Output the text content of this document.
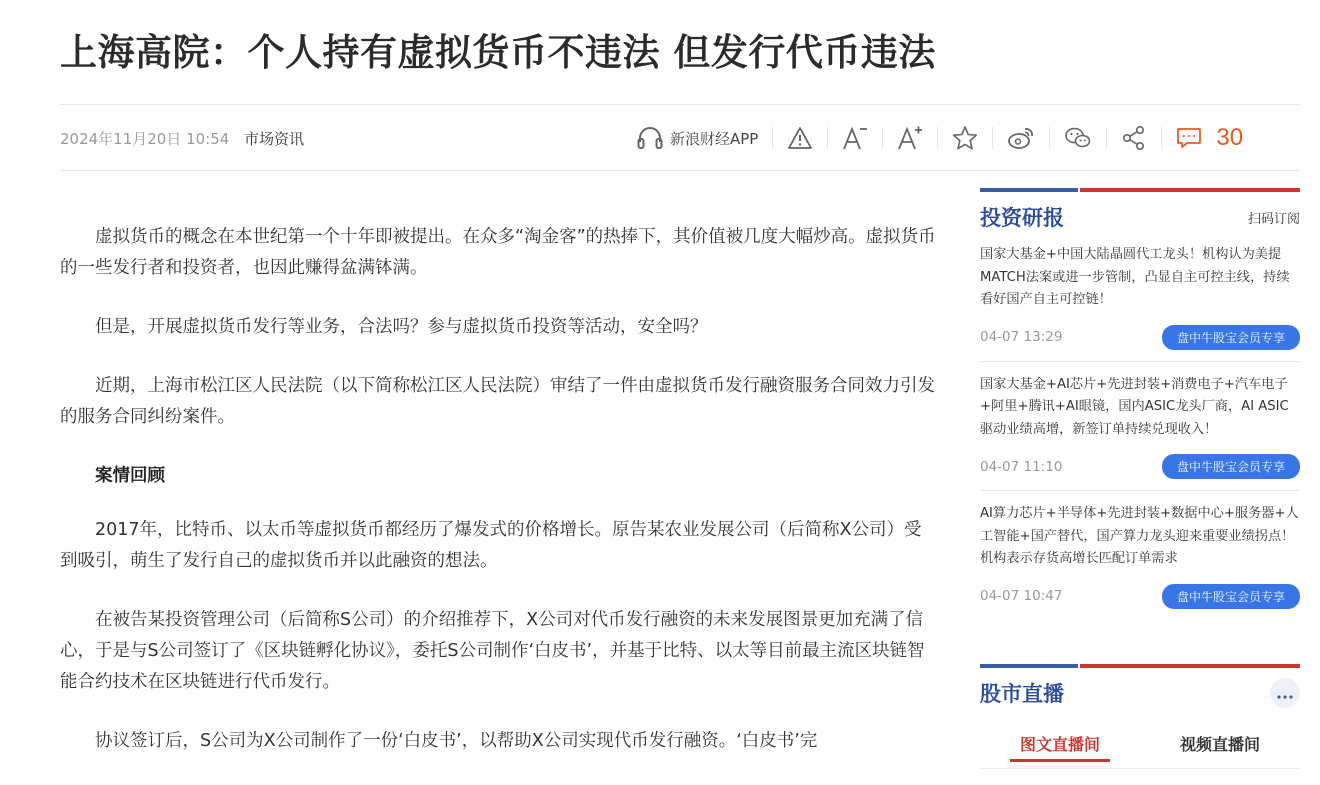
上海高院：个人持有虚拟货币不违法 但发行代币违法
2024年11月20日 10:54 市场资讯	新浪财经APP	30

虚拟货币的概念在本世纪第一个十年即被提出。在众多“淘金客”的热捧下，其价值被几度大幅炒高。虚拟货币的一些发行者和投资者，也因此赚得盆满钵满。

但是，开展虚拟货币发行等业务，合法吗？参与虚拟货币投资等活动，安全吗？

近期，上海市松江区人民法院（以下简称松江区人民法院）审结了一件由虚拟货币发行融资服务合同效力引发的服务合同纠纷案件。

案情回顾

2017年，比特币、以太币等虚拟货币都经历了爆发式的价格增长。原告某农业发展公司（后简称X公司）受到吸引，萌生了发行自己的虚拟货币并以此融资的想法。

在被告某投资管理公司（后简称S公司）的介绍推荐下，X公司对代币发行融资的未来发展图景更加充满了信心，于是与S公司签订了《区块链孵化协议》，委托S公司制作‘白皮书’，并基于比特、以太等目前最主流区块链智能合约技术在区块链进行代币发行。

协议签订后，S公司为X公司制作了一份‘白皮书’，以帮助X公司实现代币发行融资。‘白皮书’完

投资研报	扫码订阅
国家大基金+中国大陆晶圆代工龙头！机构认为美提MATCH法案或进一步管制，凸显自主可控主线，持续看好国产自主可控链！
04-07 13:29	盘中牛股宝会员专享
国家大基金+AI芯片+先进封装+消费电子+汽车电子+阿里+腾讯+AI眼镜，国内ASIC龙头厂商，AI ASIC驱动业绩高增，新签订单持续兑现收入！
04-07 11:10	盘中牛股宝会员专享
AI算力芯片+半导体+先进封装+数据中心+服务器+人工智能+国产替代，国产算力龙头迎来重要业绩拐点！机构表示存货高增长匹配订单需求
04-07 10:47	盘中牛股宝会员专享
股市直播
图文直播间	视频直播间
